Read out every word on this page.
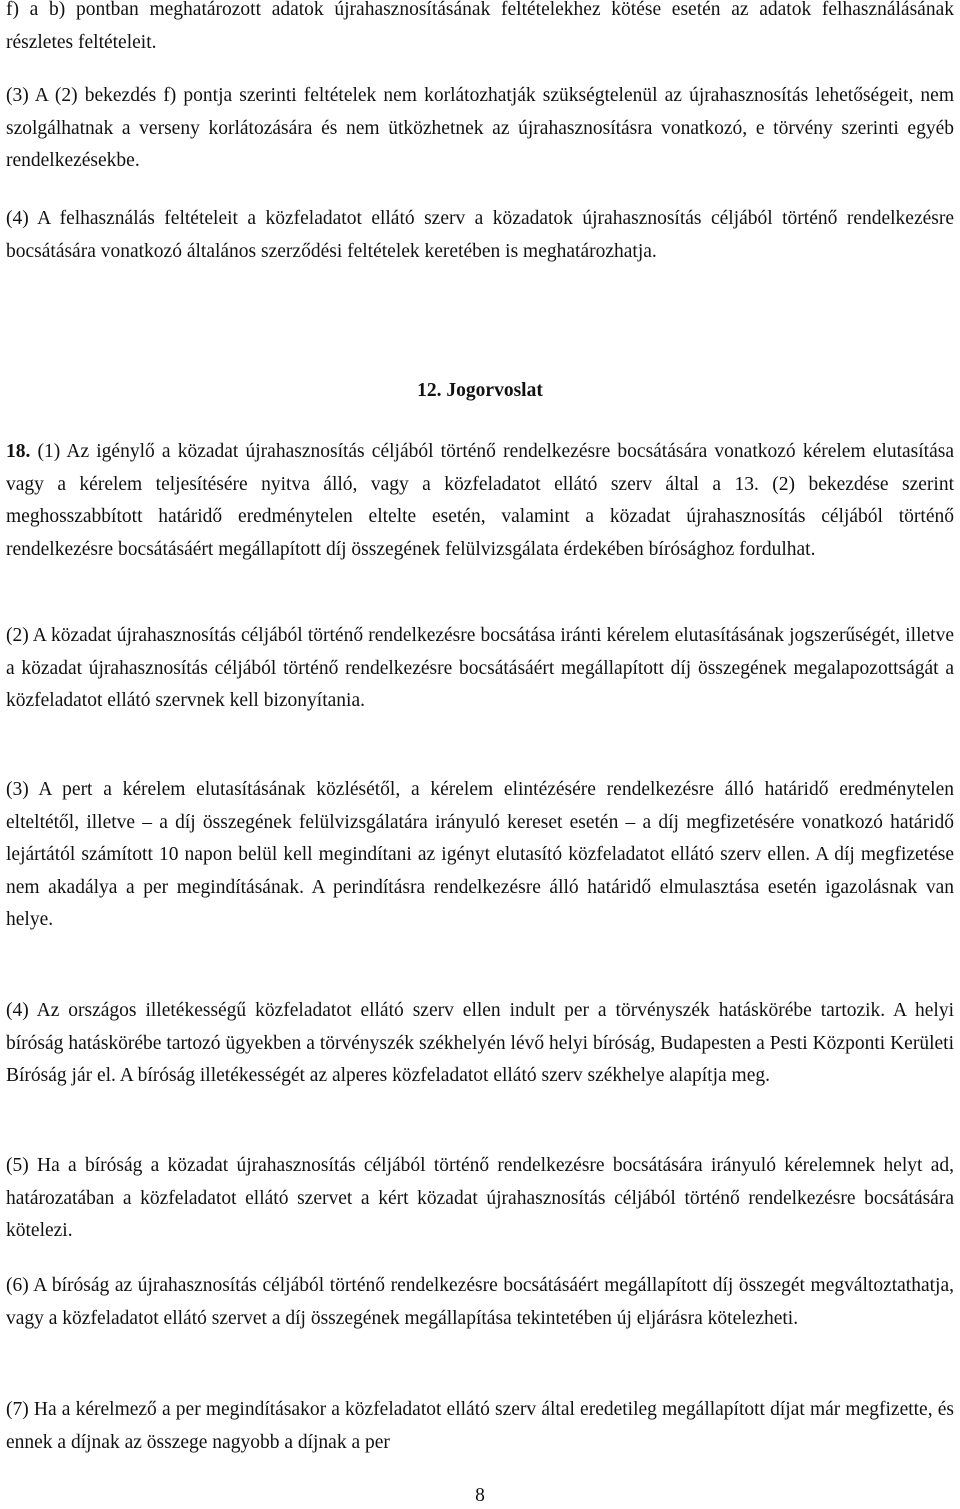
f) a b) pontban meghatározott adatok újrahasznosításának feltételekhez kötése esetén az adatok felhasználásának részletes feltételeit.

(3) A (2) bekezdés f) pontja szerinti feltételek nem korlátozhatják szükségtelenül az újrahasznosítás lehetőségeit, nem szolgálhatnak a verseny korlátozására és nem ütközhetnek az újrahasznosításra vonatkozó, e törvény szerinti egyéb rendelkezésekbe.

(4) A felhasználás feltételeit a közfeladatot ellátó szerv a közadatok újrahasznosítás céljából történő rendelkezésre bocsátására vonatkozó általános szerződési feltételek keretében is meghatározhatja.

12. Jogorvoslat

18. (1) Az igénylő a közadat újrahasznosítás céljából történő rendelkezésre bocsátására vonatkozó kérelem elutasítása vagy a kérelem teljesítésére nyitva álló, vagy a közfeladatot ellátó szerv által a 13. (2) bekezdése szerint meghosszabbított határidő eredménytelen eltelte esetén, valamint a közadat újrahasznosítás céljából történő rendelkezésre bocsátásáért megállapított díj összegének felülvizsgálata érdekében bírósághoz fordulhat.

(2) A közadat újrahasznosítás céljából történő rendelkezésre bocsátása iránti kérelem elutasításának jogszerűségét, illetve a közadat újrahasznosítás céljából történő rendelkezésre bocsátásáért megállapított díj összegének megalapozottságát a közfeladatot ellátó szervnek kell bizonyítania.

(3) A pert a kérelem elutasításának közlésétől, a kérelem elintézésére rendelkezésre álló határidő eredménytelen elteltétől, illetve – a díj összegének felülvizsgálatára irányuló kereset esetén – a díj megfizetésére vonatkozó határidő lejártától számított 10 napon belül kell megindítani az igényt elutasító közfeladatot ellátó szerv ellen. A díj megfizetése nem akadálya a per megindításának. A perindításra rendelkezésre álló határidő elmulasztása esetén igazolásnak van helye.

(4) Az országos illetékességű közfeladatot ellátó szerv ellen indult per a törvényszék hatáskörébe tartozik. A helyi bíróság hatáskörébe tartozó ügyekben a törvényszék székhelyén lévő helyi bíróság, Budapesten a Pesti Központi Kerületi Bíróság jár el. A bíróság illetékességét az alperes közfeladatot ellátó szerv székhelye alapítja meg.

(5) Ha a bíróság a közadat újrahasznosítás céljából történő rendelkezésre bocsátására irányuló kérelemnek helyt ad, határozatában a közfeladatot ellátó szervet a kért közadat újrahasznosítás céljából történő rendelkezésre bocsátására kötelezi.

(6) A bíróság az újrahasznosítás céljából történő rendelkezésre bocsátásáért megállapított díj összegét megváltoztathatja, vagy a közfeladatot ellátó szervet a díj összegének megállapítása tekintetében új eljárásra kötelezheti.

(7) Ha a kérelmező a per megindításakor a közfeladatot ellátó szerv által eredetileg megállapított díjat már megfizette, és ennek a díjnak az összege nagyobb a díjnak a per

8
